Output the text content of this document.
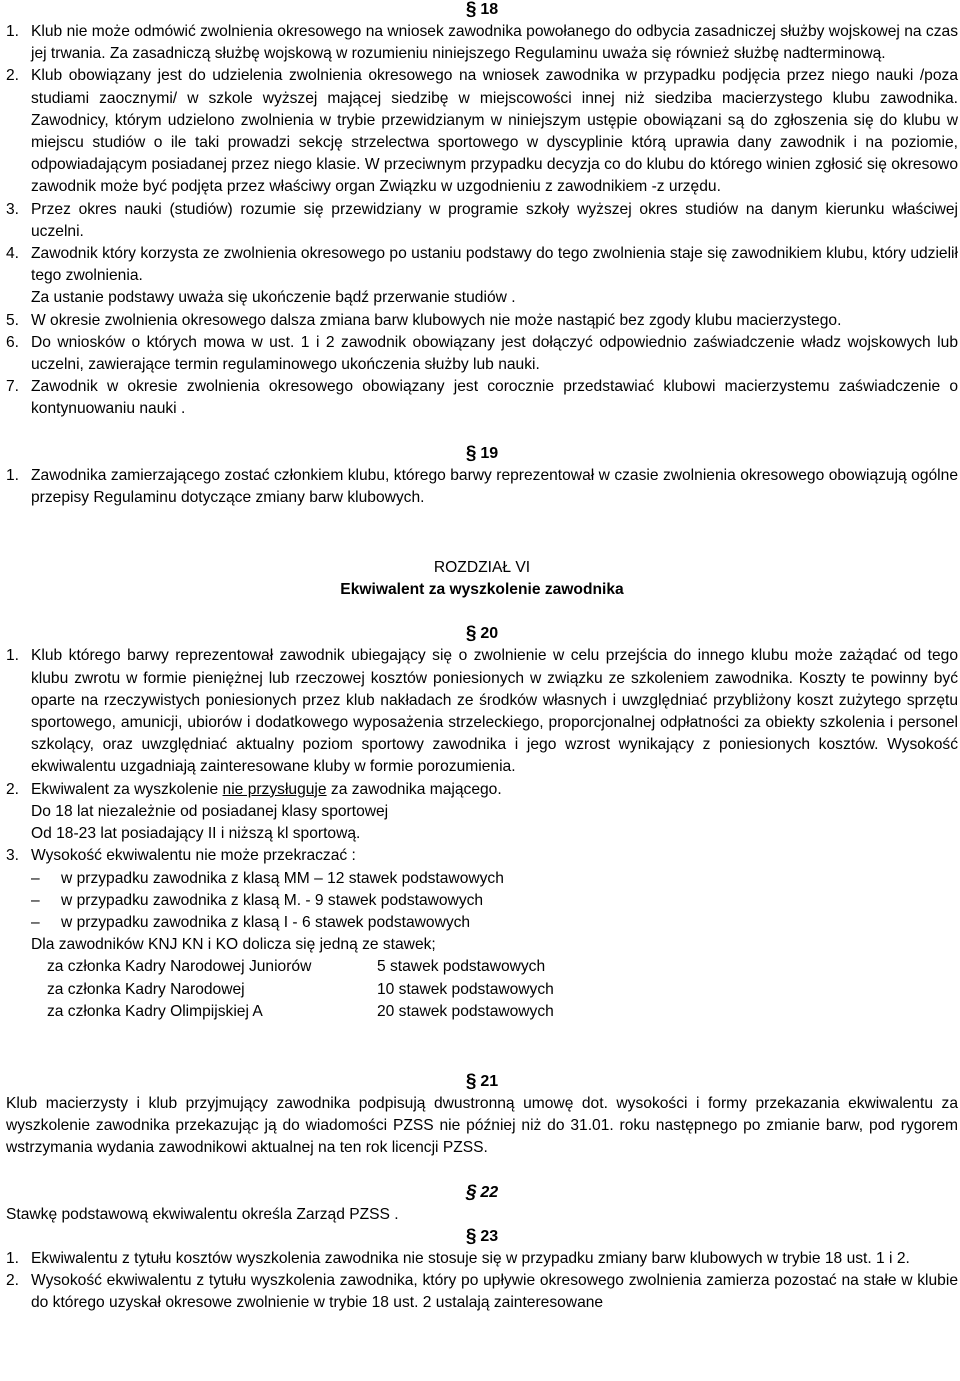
§ 18
1. Klub nie może odmówić zwolnienia okresowego na wniosek zawodnika powołanego do odbycia zasadniczej służby wojskowej na czas jej trwania. Za zasadniczą służbę wojskową w rozumieniu niniejszego Regulaminu uważa się również służbę nadterminową.
2. Klub obowiązany jest do udzielenia zwolnienia okresowego na wniosek zawodnika w przypadku podjęcia przez niego nauki /poza studiami zaocznymi/ w szkole wyższej mającej siedzibę w miejscowości innej niż siedziba macierzystego klubu zawodnika. Zawodnicy, którym udzielono zwolnienia w trybie przewidzianym w niniejszym ustępie obowiązani są do zgłoszenia się do klubu w miejscu studiów o ile taki prowadzi sekcję strzelectwa sportowego w dyscyplinie którą uprawia dany zawodnik i na poziomie, odpowiadającym posiadanej przez niego klasie. W przeciwnym przypadku decyzja co do klubu do którego winien zgłosić się okresowo zawodnik może być podjęta przez właściwy organ Związku w uzgodnieniu z zawodnikiem -z urzędu.
3. Przez okres nauki (studiów) rozumie się przewidziany w programie szkoły wyższej okres studiów na danym kierunku właściwej uczelni.
4. Zawodnik który korzysta ze zwolnienia okresowego po ustaniu podstawy do tego zwolnienia staje się zawodnikiem klubu, który udzielił tego zwolnienia.
Za ustanie podstawy uważa się ukończenie bądź przerwanie studiów .
5. W okresie zwolnienia okresowego dalsza zmiana barw klubowych nie może nastąpić bez zgody klubu macierzystego.
6. Do wniosków o których mowa w ust. 1 i 2 zawodnik obowiązany jest dołączyć odpowiednio zaświadczenie władz wojskowych lub uczelni, zawierające termin regulaminowego ukończenia służby lub nauki.
7. Zawodnik w okresie zwolnienia okresowego obowiązany jest corocznie przedstawiać klubowi macierzystemu zaświadczenie o kontynuowaniu nauki .
§ 19
1. Zawodnika zamierzającego zostać członkiem klubu, którego barwy reprezentował w czasie zwolnienia okresowego obowiązują ogólne przepisy Regulaminu dotyczące zmiany barw klubowych.
ROZDZIAŁ VI
Ekwiwalent za wyszkolenie zawodnika
§ 20
1. Klub którego barwy reprezentował zawodnik ubiegający się o zwolnienie w celu przejścia do innego klubu może zażądać od tego klubu zwrotu w formie pieniężnej lub rzeczowej kosztów poniesionych w związku ze szkoleniem zawodnika. Koszty te powinny być oparte na rzeczywistych poniesionych przez klub nakładach ze środków własnych i uwzględniać przybliżony koszt zużytego sprzętu sportowego, amunicji, ubiorów i dodatkowego wyposażenia strzeleckiego, proporcjonalnej odpłatności za obiekty szkolenia i personel szkolący, oraz uwzględniać aktualny poziom sportowy zawodnika i jego wzrost wynikający z poniesionych kosztów. Wysokość ekwiwalentu uzgadniają zainteresowane kluby w formie porozumienia.
2. Ekwiwalent za wyszkolenie nie przysługuje za zawodnika mającego.
Do 18 lat niezależnie od posiadanej klasy sportowej
Od 18-23 lat posiadający II i niższą kl sportową.
3. Wysokość ekwiwalentu nie może przekraczać :
–	w przypadku zawodnika z klasą MM – 12 stawek podstawowych
–	w przypadku zawodnika z klasą M. - 9 stawek podstawowych
–	w przypadku zawodnika z klasą I - 6 stawek podstawowych
Dla zawodników KNJ KN i KO dolicza się jedną ze stawek;
za członka Kadry Narodowej Juniorów	5 stawek podstawowych
za członka Kadry Narodowej	10 stawek podstawowych
za członka Kadry Olimpijskiej A	20 stawek podstawowych
§ 21
Klub macierzysty i klub przyjmujący zawodnika podpisują dwustronną umowę dot. wysokości i formy przekazania ekwiwalentu za wyszkolenie zawodnika przekazując ją do wiadomości PZSS nie później niż do 31.01. roku następnego po zmianie barw, pod rygorem wstrzymania wydania zawodnikowi aktualnej na ten rok licencji PZSS.
§ 22
Stawkę podstawową ekwiwalentu określa Zarząd PZSS .
§ 23
1. Ekwiwalentu z tytułu kosztów wyszkolenia zawodnika nie stosuje się w przypadku zmiany barw klubowych w trybie 18 ust. 1 i 2.
2. Wysokość ekwiwalentu z tytułu wyszkolenia zawodnika, który po upływie okresowego zwolnienia zamierza pozostać na stałe w klubie do którego uzyskał okresowe zwolnienie w trybie 18 ust. 2 ustalają zainteresowane
